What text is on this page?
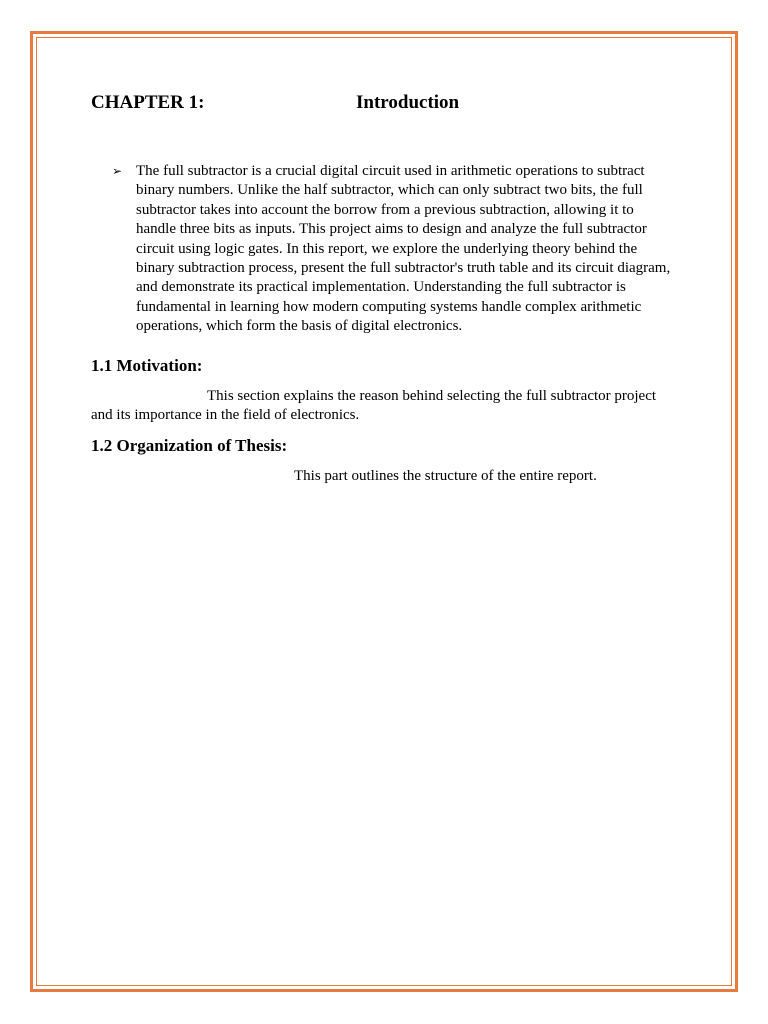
CHAPTER 1:	Introduction
➢ The full subtractor is a crucial digital circuit used in arithmetic operations to subtract binary numbers. Unlike the half subtractor, which can only subtract two bits, the full subtractor takes into account the borrow from a previous subtraction, allowing it to handle three bits as inputs. This project aims to design and analyze the full subtractor circuit using logic gates. In this report, we explore the underlying theory behind the binary subtraction process, present the full subtractor's truth table and its circuit diagram, and demonstrate its practical implementation. Understanding the full subtractor is fundamental in learning how modern computing systems handle complex arithmetic operations, which form the basis of digital electronics.
1.1 Motivation:
This section explains the reason behind selecting the full subtractor project and its importance in the field of electronics.
1.2 Organization of Thesis:
This part outlines the structure of the entire report.
